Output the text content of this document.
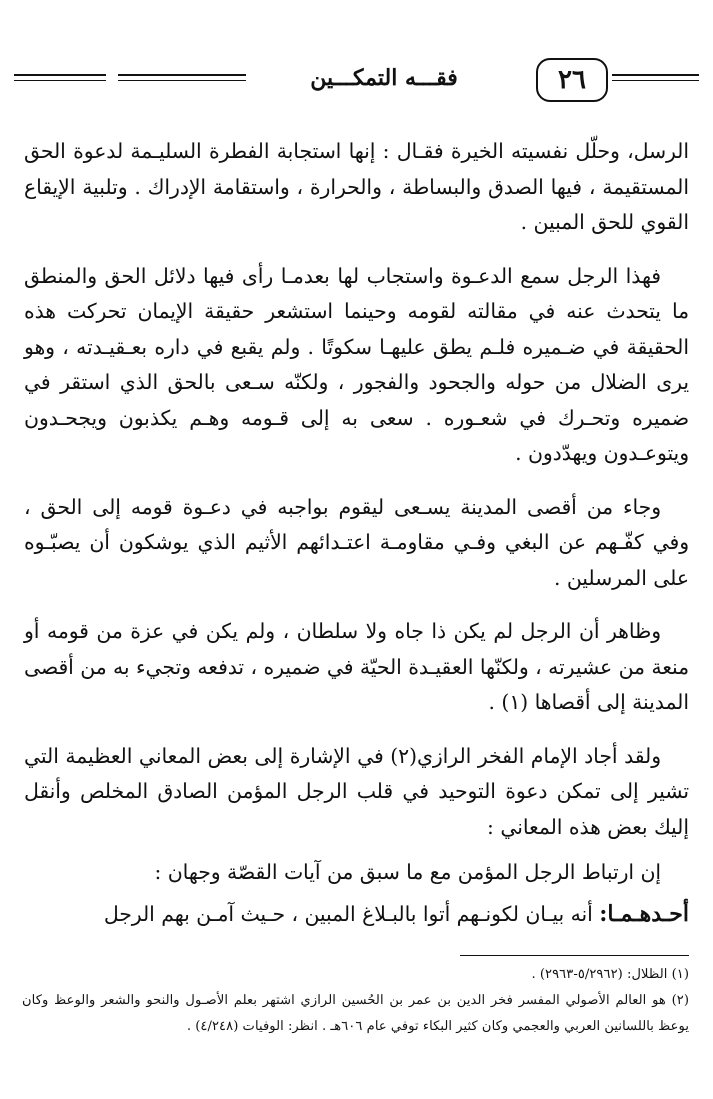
فقـــه التمكـــين	٢٦

الرسل، وحلّل نفسيته الخيرة فقـال : إنها استجابة الفطرة السليـمة لدعوة الحق المستقيمة ، فيها الصدق والبساطة ، والحرارة ، واستقامة الإدراك . وتلبية الإيقاع القوي للحق المبين .

فهذا الرجل سمع الدعـوة واستجاب لها بعدمـا رأى فيها دلائل الحق والمنطق ما يتحدث عنه في مقالته لقومه وحينما استشعر حقيقة الإيمان تحركت هذه الحقيقة في ضـميره فلـم يطق عليهـا سكوتًا . ولم يقبع في داره بعـقيـدته ، وهو يرى الضلال من حوله والجحود والفجور ، ولكنّه سـعى بالحق الذي استقر في ضميره وتحـرك في شعـوره . سعى به إلى قـومه وهـم يكذبون ويجحـدون ويتوعـدون ويهدّدون .

وجاء من أقصى المدينة يسـعى ليقوم بواجبه في دعـوة قومه إلى الحق ، وفي كفّـهم عن البغي وفـي مقاومـة اعتـدائهم الأثيم الذي يوشكون أن يصبّـوه على المرسلين .

وظاهر أن الرجل لم يكن ذا جاه ولا سلطان ، ولم يكن في عزة من قومه أو منعة من عشيرته ، ولكنّها العقيـدة الحيّة في ضميره ، تدفعه وتجيء به من أقصى المدينة إلى أقصاها (١) .

ولقد أجاد الإمام الفخر الرازي(٢) في الإشارة إلى بعض المعاني العظيمة التي تشير إلى تمكن دعوة التوحيد في قلب الرجل المؤمن الصادق المخلص وأنقل إليك بعض هذه المعاني :

إن ارتباط الرجل المؤمن مع ما سبق من آيات القصّة وجهان :

أحـدهـمـا: أنه بيـان لكونـهم أتوا بالبـلاغ المبين ، حـيث آمـن بهم الرجل

(١) الظلال: (٥/٢٩٦٢-٢٩٦٣) .

(٢) هو العالم الأصولي المفسر فخر الدين بن عمر بن الحُسين الرازي اشتهر بعلم الأصـول والنحو والشعر والوعظ وكان يوعظ باللسانين العربي والعجمي وكان كثير البكاء توفي عام ٦٠٦هـ . انظر: الوفيات (٤/٢٤٨) .
